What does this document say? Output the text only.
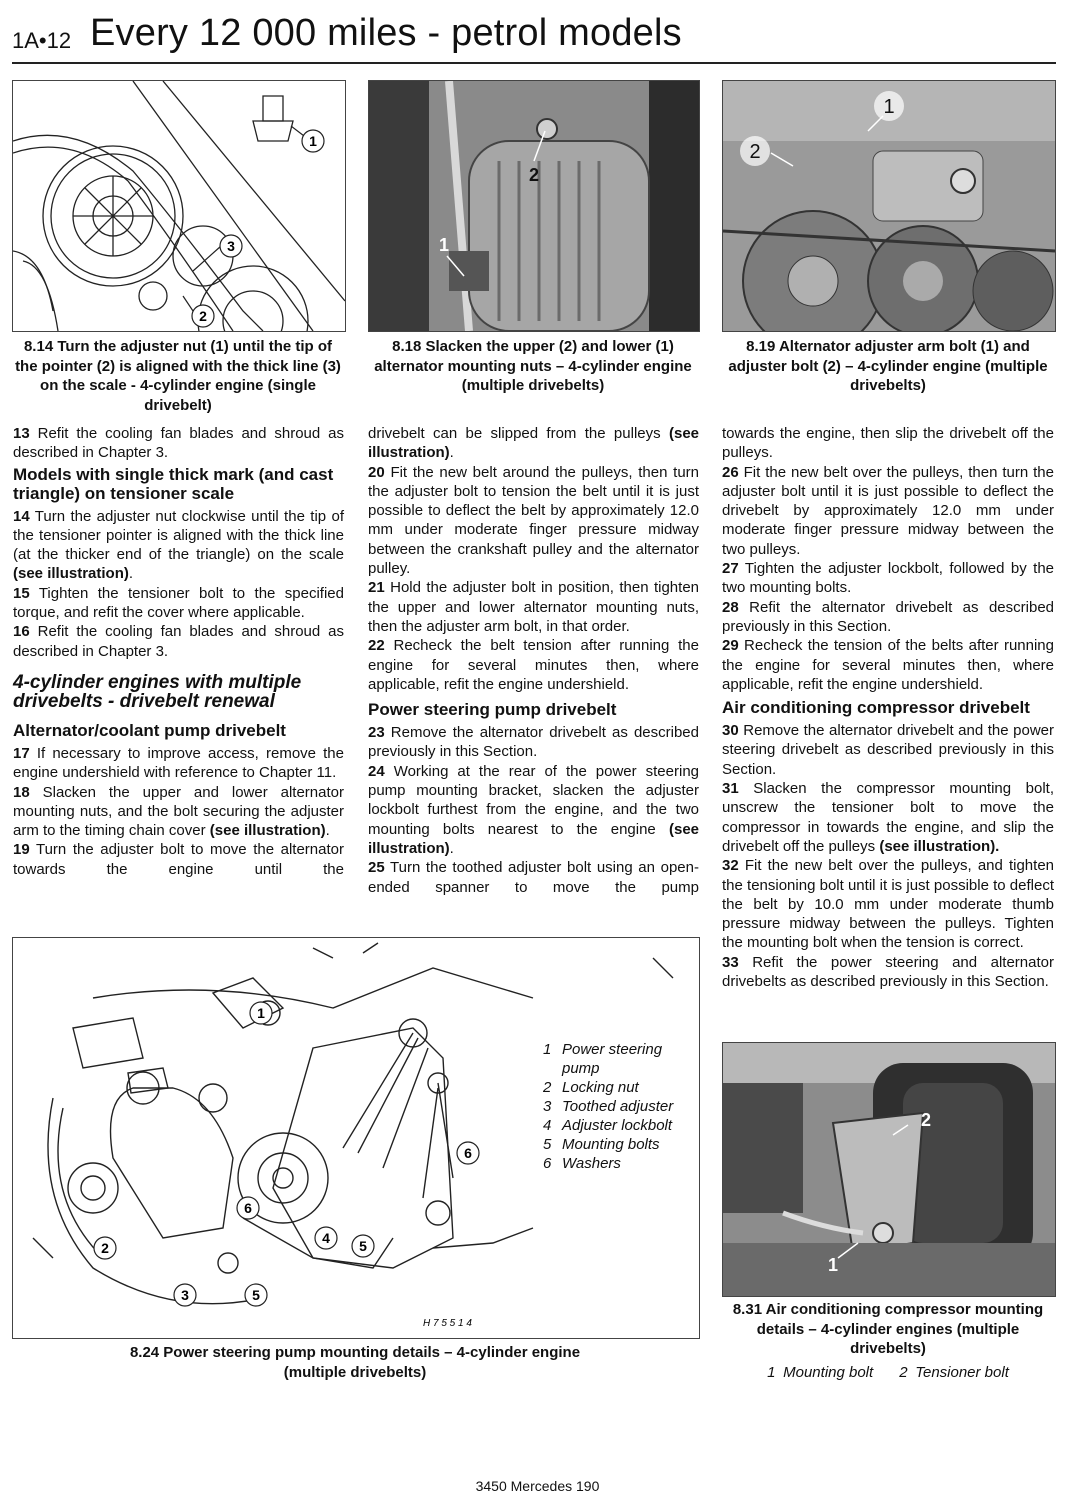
1A•12 Every 12 000 miles - petrol models
1
2
3
8.14 Turn the adjuster nut (1) until the tip of the pointer (2) is aligned with the thick line (3) on the scale - 4-cylinder engine (single drivebelt)
2
1
8.18 Slacken the upper (2) and lower (1) alternator mounting nuts – 4-cylinder engine (multiple drivebelts)
1
2
8.19 Alternator adjuster arm bolt (1) and adjuster bolt (2) – 4-cylinder engine (multiple drivebelts)

13 Refit the cooling fan blades and shroud as described in Chapter 3.

Models with single thick mark (and cast triangle) on tensioner scale

14 Turn the adjuster nut clockwise until the tip of the tensioner pointer is aligned with the thick line (at the thicker end of the triangle) on the scale (see illustration).

15 Tighten the tensioner bolt to the specified torque, and refit the cover where applicable.

16 Refit the cooling fan blades and shroud as described in Chapter 3.

4-cylinder engines with multiple drivebelts - drivebelt renewal
Alternator/coolant pump drivebelt

17 If necessary to improve access, remove the engine undershield with reference to Chapter 11.

18 Slacken the upper and lower alternator mounting nuts, and the bolt securing the adjuster arm to the timing chain cover (see illustration).

19 Turn the adjuster bolt to move the alternator towards the engine until the

drivebelt can be slipped from the pulleys (see illustration).

20 Fit the new belt around the pulleys, then turn the adjuster bolt to tension the belt until it is just possible to deflect the belt by approximately 12.0 mm under moderate finger pressure midway between the crankshaft pulley and the alternator pulley.

21 Hold the adjuster bolt in position, then tighten the upper and lower alternator mounting nuts, then the adjuster arm bolt, in that order.

22 Recheck the belt tension after running the engine for several minutes then, where applicable, refit the engine undershield.

Power steering pump drivebelt

23 Remove the alternator drivebelt as described previously in this Section.

24 Working at the rear of the power steering pump mounting bracket, slacken the adjuster lockbolt furthest from the engine, and the two mounting bolts nearest to the engine (see illustration).

25 Turn the toothed adjuster bolt using an open-ended spanner to move the pump

towards the engine, then slip the drivebelt off the pulleys.

26 Fit the new belt over the pulleys, then turn the adjuster bolt until it is just possible to deflect the drivebelt by approximately 12.0 mm under moderate finger pressure midway between the two pulleys.

27 Tighten the adjuster lockbolt, followed by the two mounting bolts.

28 Refit the alternator drivebelt as described previously in this Section.

29 Recheck the tension of the belts after running the engine for several minutes then, where applicable, refit the engine undershield.

Air conditioning compressor drivebelt

30 Remove the alternator drivebelt and the power steering drivebelt as described previously in this Section.

31 Slacken the compressor mounting bolt, unscrew the tensioner bolt to move the compressor in towards the engine, and slip the drivebelt off the pulleys (see illustration).

32 Fit the new belt over the pulleys, and tighten the tensioning bolt until it is just possible to deflect the belt by 10.0 mm under moderate thumb pressure midway between the pulleys. Tighten the mounting bolt when the tension is correct.

33 Refit the power steering and alternator drivebelts as described previously in this Section.

1
2
3
4 5
6
5
6
H 7 5 5 1 4
1 Power steering pump
2 Locking nut
3 Toothed adjuster
4 Adjuster lockbolt
5 Mounting bolts
6 Washers
8.24 Power steering pump mounting details – 4-cylinder engine (multiple drivebelts)
2
1
8.31 Air conditioning compressor mounting details – 4-cylinder engines (multiple drivebelts)
1 Mounting bolt 2 Tensioner bolt
3450 Mercedes 190
